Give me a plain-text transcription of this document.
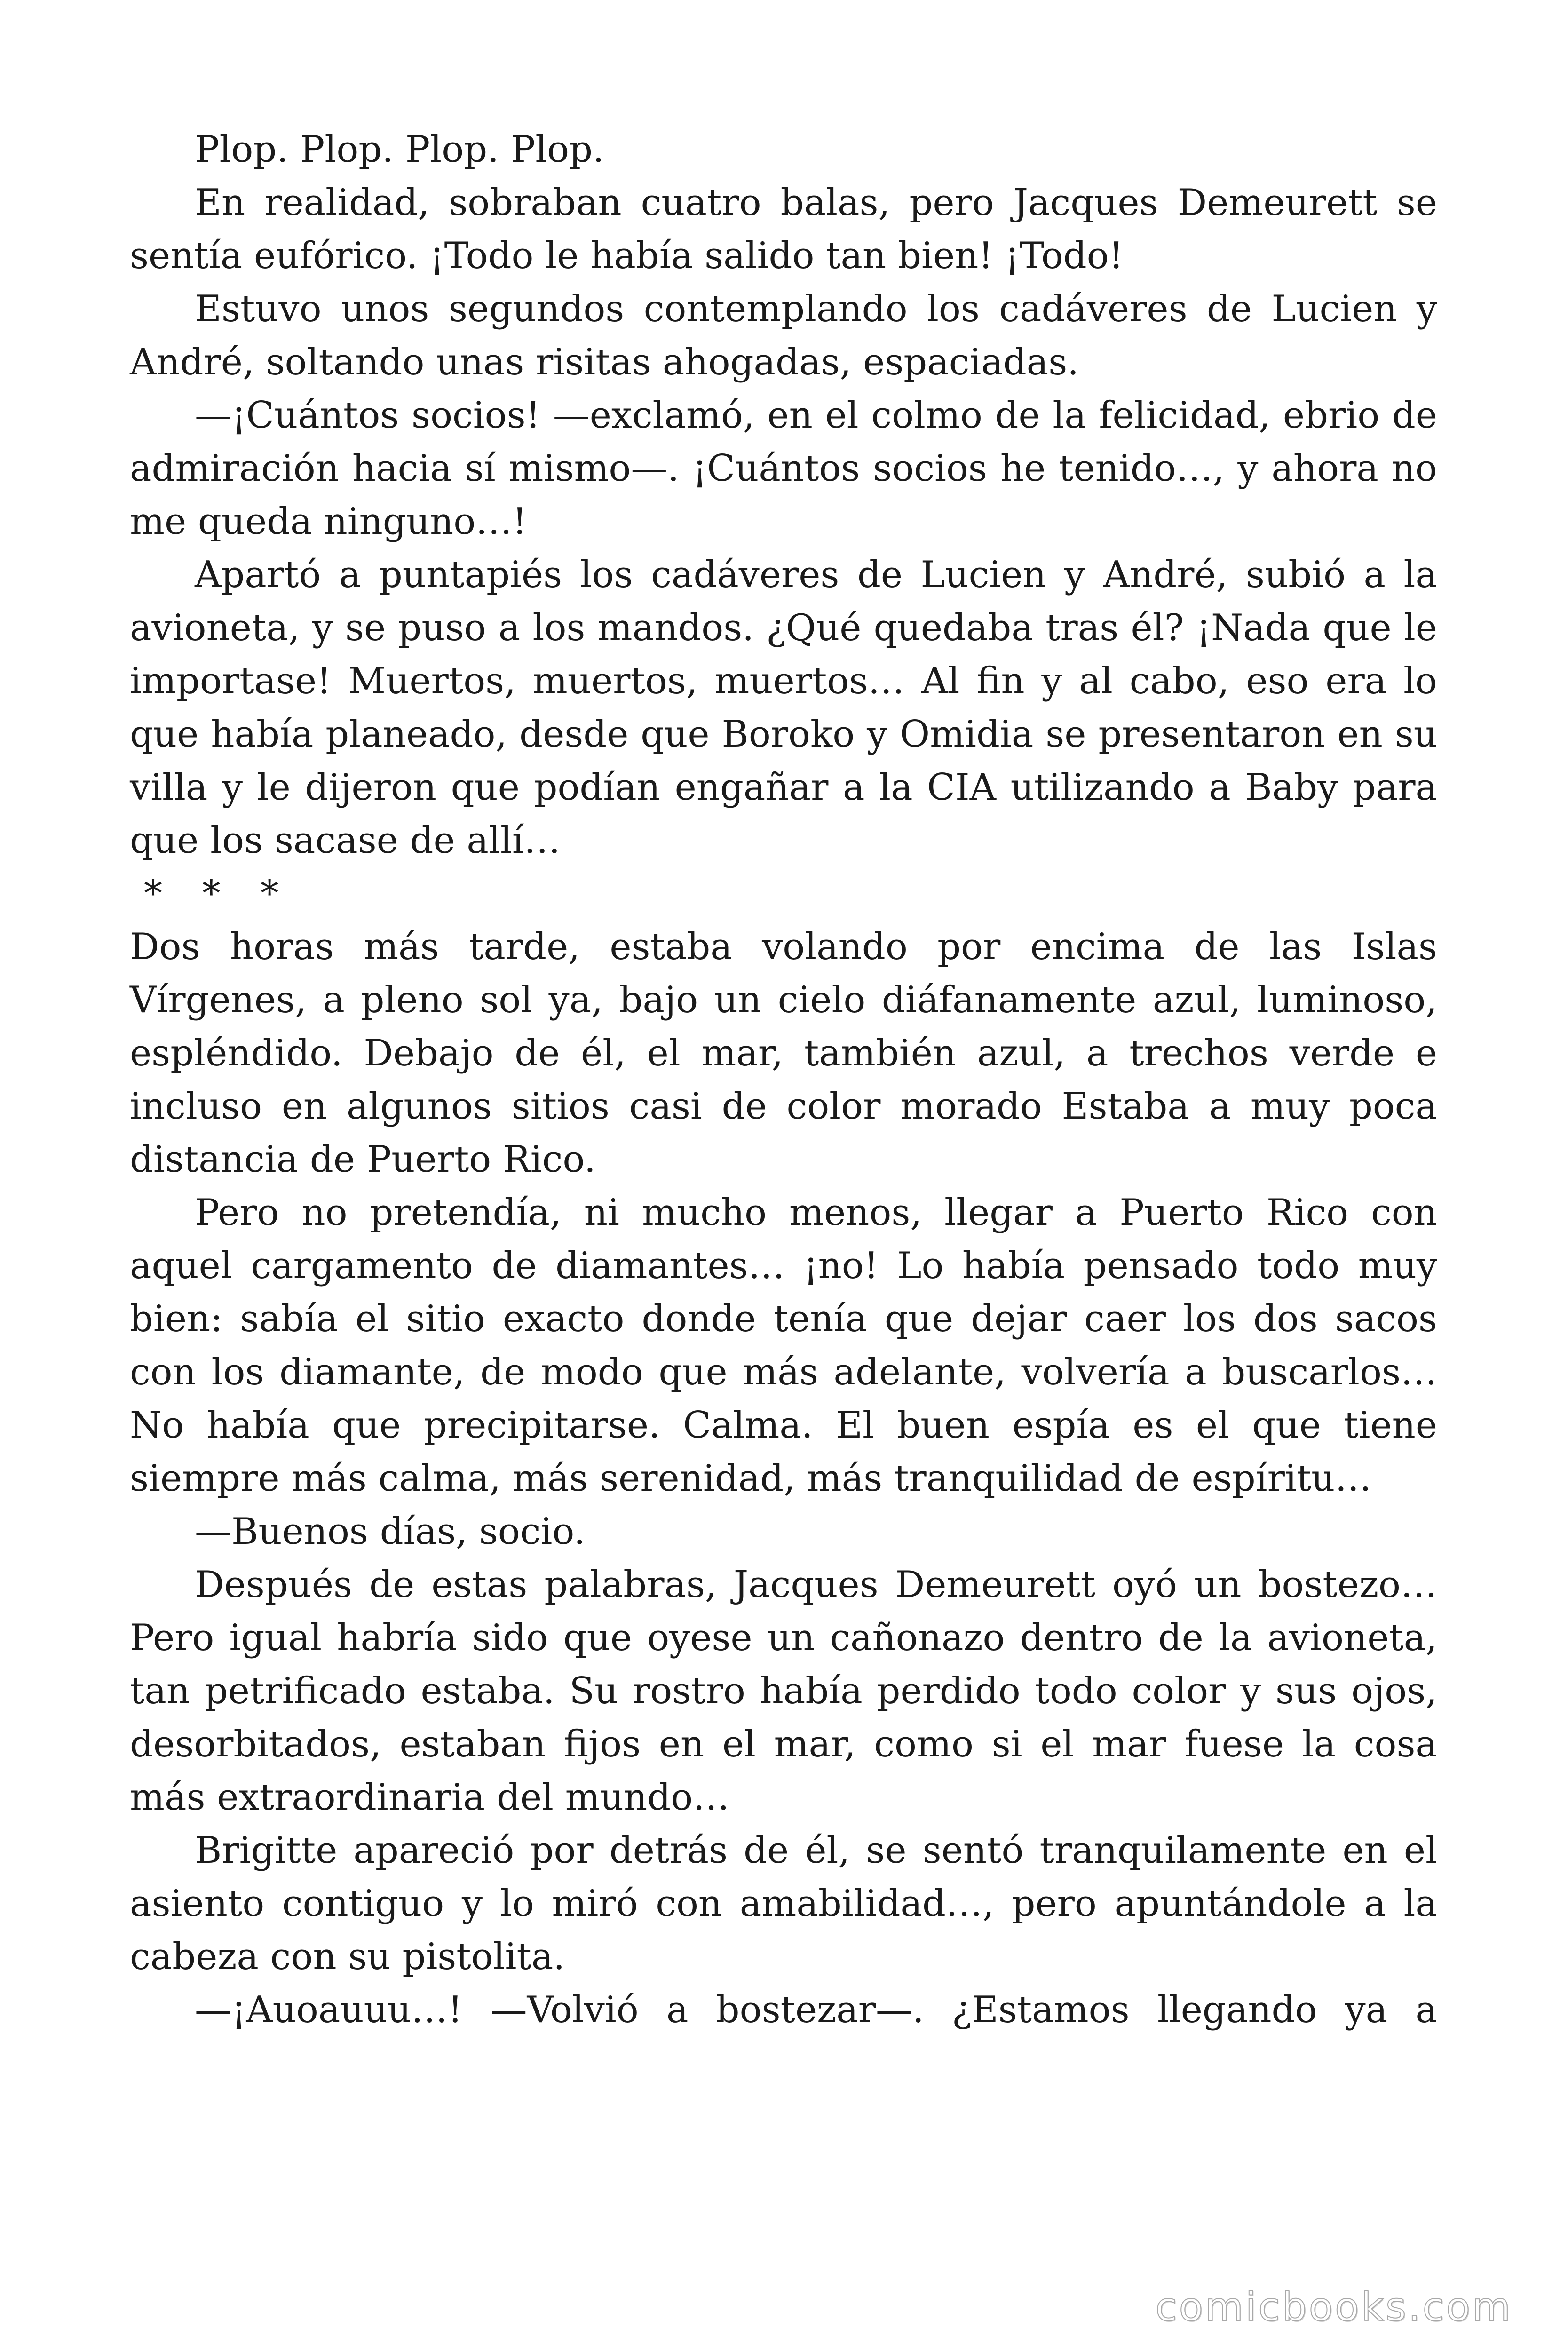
Plop. Plop. Plop. Plop.

En realidad, sobraban cuatro balas, pero Jacques Demeurett se sentía eufórico. ¡Todo le había salido tan bien! ¡Todo!

Estuvo unos segundos contemplando los cadáveres de Lucien y André, soltando unas risitas ahogadas, espaciadas.

—¡Cuántos socios! —exclamó, en el colmo de la felicidad, ebrio de admiración hacia sí mismo—. ¡Cuántos socios he tenido…, y ahora no me queda ninguno…!

Apartó a puntapiés los cadáveres de Lucien y André, subió a la avioneta, y se puso a los mandos. ¿Qué quedaba tras él? ¡Nada que le importase! Muertos, muertos, muertos… Al fin y al cabo, eso era lo que había planeado, desde que Boroko y Omidia se presentaron en su villa y le dijeron que podían engañar a la CIA utilizando a Baby para que los sacase de allí…

* * *

Dos horas más tarde, estaba volando por encima de las Islas Vírgenes, a pleno sol ya, bajo un cielo diáfanamente azul, luminoso, espléndido. Debajo de él, el mar, también azul, a trechos verde e incluso en algunos sitios casi de color morado Estaba a muy poca distancia de Puerto Rico.

Pero no pretendía, ni mucho menos, llegar a Puerto Rico con aquel cargamento de diamantes… ¡no! Lo había pensado todo muy bien: sabía el sitio exacto donde tenía que dejar caer los dos sacos con los diamante, de modo que más adelante, volvería a buscarlos… No había que precipitarse. Calma. El buen espía es el que tiene siempre más calma, más serenidad, más tranquilidad de espíritu…

—Buenos días, socio.

Después de estas palabras, Jacques Demeurett oyó un bostezo… Pero igual habría sido que oyese un cañonazo dentro de la avioneta, tan petrificado estaba. Su rostro había perdido todo color y sus ojos, desorbitados, estaban fijos en el mar, como si el mar fuese la cosa más extraordinaria del mundo…

Brigitte apareció por detrás de él, se sentó tranquilamente en el asiento contiguo y lo miró con amabilidad…, pero apuntándole a la cabeza con su pistolita.

—¡Auoauuu…! —Volvió a bostezar—. ¿Estamos llegando ya a

comicbooks.com
